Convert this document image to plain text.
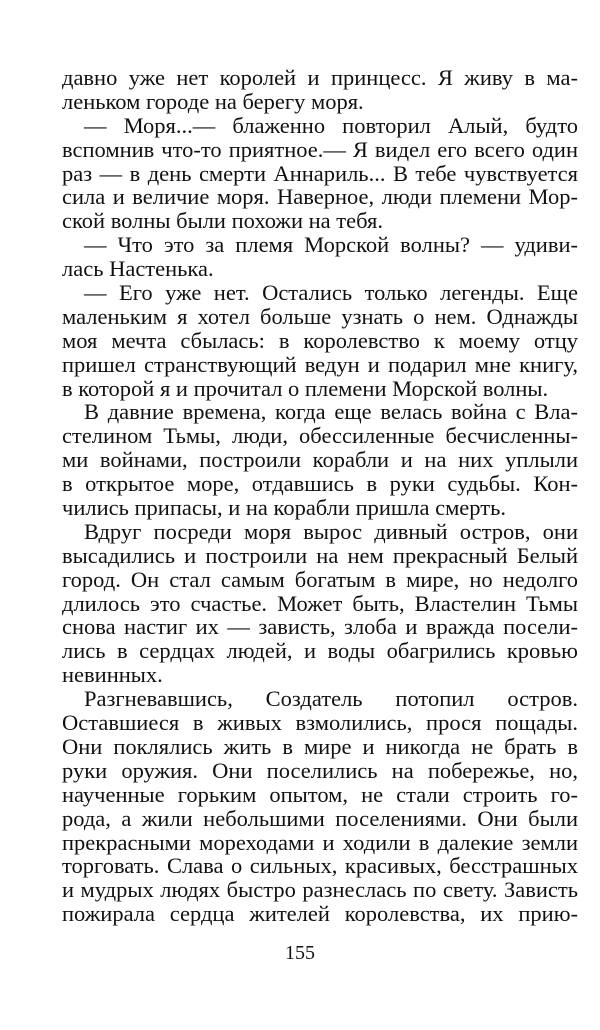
давно уже нет королей и принцесс. Я живу в ма-
леньком городе на берегу моря.
— Моря...— блаженно повторил Алый, будто
вспомнив что-то приятное.— Я видел его всего один
раз — в день смерти Аннариль... В тебе чувствуется
сила и величие моря. Наверное, люди племени Мор-
ской волны были похожи на тебя.
— Что это за племя Морской волны? — удиви-
лась Настенька.
— Его уже нет. Остались только легенды. Еще
маленьким я хотел больше узнать о нем. Однажды
моя мечта сбылась: в королевство к моему отцу
пришел странствующий ведун и подарил мне книгу,
в которой я и прочитал о племени Морской волны.
В давние времена, когда еще велась война с Вла-
стелином Тьмы, люди, обессиленные бесчисленны-
ми войнами, построили корабли и на них уплыли
в открытое море, отдавшись в руки судьбы. Кон-
чились припасы, и на корабли пришла смерть.
Вдруг посреди моря вырос дивный остров, они
высадились и построили на нем прекрасный Белый
город. Он стал самым богатым в мире, но недолго
длилось это счастье. Может быть, Властелин Тьмы
снова настиг их — зависть, злоба и вражда посели-
лись в сердцах людей, и воды обагрились кровью
невинных.
Разгневавшись, Создатель потопил остров.
Оставшиеся в живых взмолились, прося пощады.
Они поклялись жить в мире и никогда не брать в
руки оружия. Они поселились на побережье, но,
наученные горьким опытом, не стали строить го-
рода, а жили небольшими поселениями. Они были
прекрасными мореходами и ходили в далекие земли
торговать. Слава о сильных, красивых, бесстрашных
и мудрых людях быстро разнеслась по свету. Зависть
пожирала сердца жителей королевства, их прию-
155
